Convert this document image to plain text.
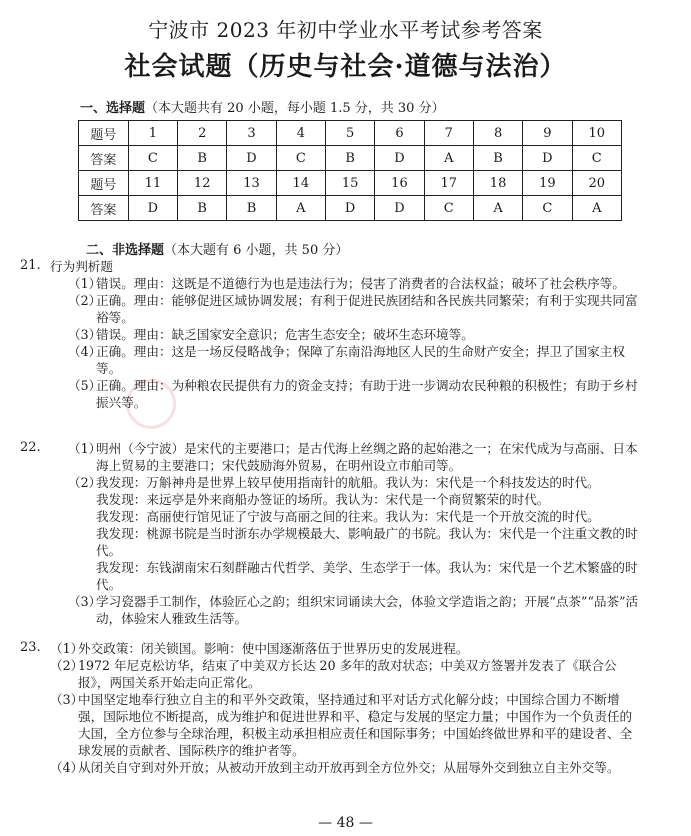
宁波市 2023 年初中学业水平考试参考答案
社会试题（历史与社会·道德与法治）
一、选择题（本大题共有 20 小题，每小题 1.5 分，共 30 分）
题号	1	2	3	4	5	6	7	8	9	10
答案	C	B	D	C	B	D	A	B	D	C
题号	11	12	13	14	15	16	17	18	19	20
答案	D	B	B	A	D	D	C	A	C	A
二、非选择题（本大题有 6 小题，共 50 分）
21. 行为判析题
（1）
错误。理由：这既是不道德行为也是违法行为；侵害了消费者的合法权益；破坏了社会秩序等。
（2）
正确。理由：能够促进区域协调发展；有利于促进民族团结和各民族共同繁荣；有利于实现共同富裕等。
（3）
错误。理由：缺乏国家安全意识；危害生态安全；破坏生态环境等。
（4）
正确。理由：这是一场反侵略战争；保障了东南沿海地区人民的生命财产安全；捍卫了国家主权等。
（5）
正确。理由：为种粮农民提供有力的资金支持；有助于进一步调动农民种粮的积极性；有助于乡村振兴等。
22. （1）
明州（今宁波）是宋代的主要港口；是古代海上丝绸之路的起始港之一；在宋代成为与高丽、日本海上贸易的主要港口；宋代鼓励海外贸易，在明州设立市舶司等。
（2）
我发现：万斛神舟是世界上较早使用指南针的航船。我认为：宋代是一个科技发达的时代。
我发现：来远亭是外来商船办签证的场所。我认为：宋代是一个商贸繁荣的时代。
我发现：高丽使行馆见证了宁波与高丽之间的往来。我认为：宋代是一个开放交流的时代。
我发现：桃源书院是当时浙东办学规模最大、影响最广的书院。我认为：宋代是一个注重文教的时代。
我发现：东钱湖南宋石刻群融古代哲学、美学、生态学于一体。我认为：宋代是一个艺术繁盛的时代。
（3）
学习瓷器手工制作，体验匠心之韵；组织宋词诵读大会，体验文学造诣之韵；开展“点茶”“品茶”活动，体验宋人雅致生活等。
23. （1）
外交政策：闭关锁国。影响：使中国逐渐落伍于世界历史的发展进程。
（2）
1972 年尼克松访华，结束了中美双方长达 20 多年的敌对状态；中美双方签署并发表了《联合公报》，两国关系开始走向正常化。
（3）
中国坚定地奉行独立自主的和平外交政策，坚持通过和平对话方式化解分歧；中国综合国力不断增强，国际地位不断提高，成为维护和促进世界和平、稳定与发展的坚定力量；中国作为一个负责任的大国，全方位参与全球治理，积极主动承担相应责任和国际事务；中国始终做世界和平的建设者、全球发展的贡献者、国际秩序的维护者等。
（4）
从闭关自守到对外开放；从被动开放到主动开放再到全方位外交；从屈辱外交到独立自主外交等。
— 48 —
